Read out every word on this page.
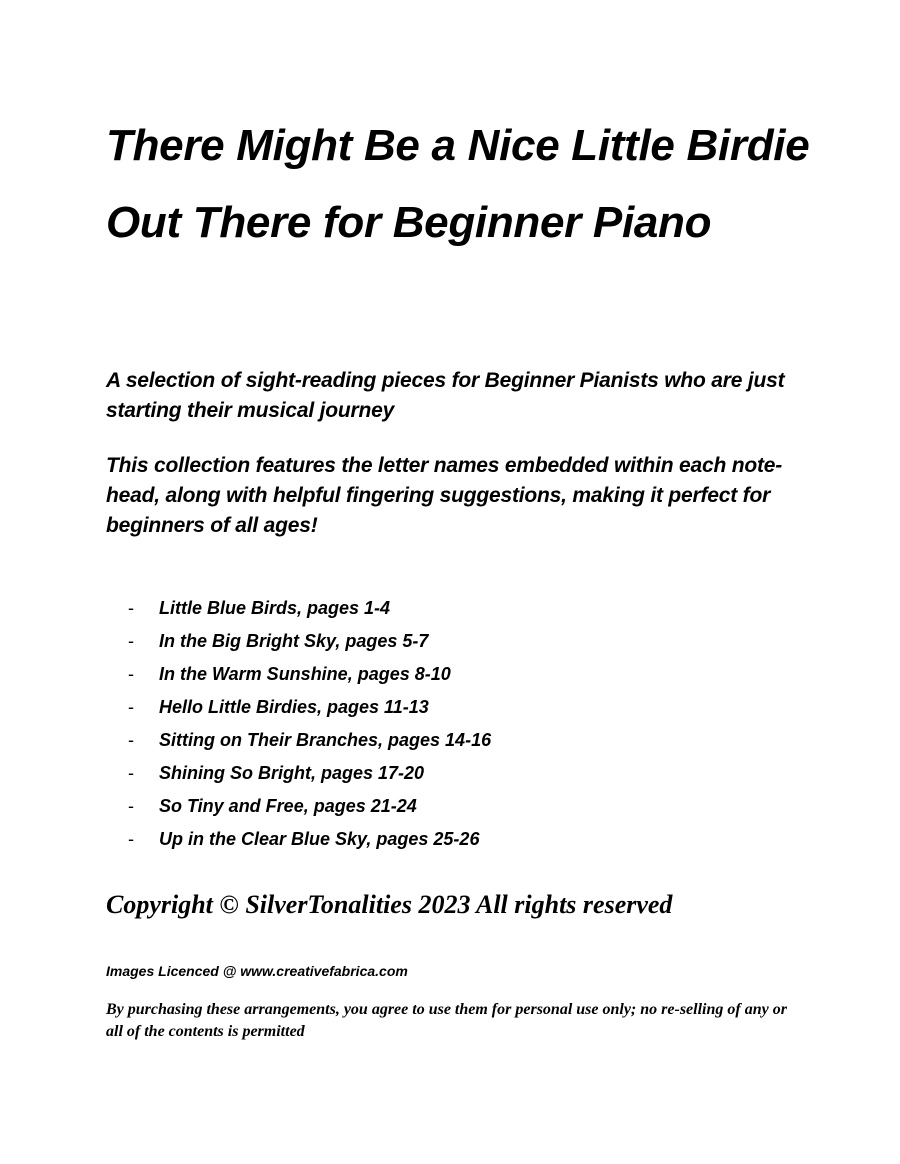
There Might Be a Nice Little Birdie Out There for Beginner Piano

A selection of sight-reading pieces for Beginner Pianists who are just starting their musical journey

This collection features the letter names embedded within each note-head, along with helpful fingering suggestions, making it perfect for beginners of all ages!

-	Little Blue Birds, pages 1-4
-	In the Big Bright Sky, pages 5-7
-	In the Warm Sunshine, pages 8-10
-	Hello Little Birdies, pages 11-13
-	Sitting on Their Branches, pages 14-16
-	Shining So Bright, pages 17-20
-	So Tiny and Free, pages 21-24
-	Up in the Clear Blue Sky, pages 25-26

Copyright © SilverTonalities 2023 All rights reserved

Images Licenced @ www.creativefabrica.com

By purchasing these arrangements, you agree to use them for personal use only; no re-selling of any or all of the contents is permitted
